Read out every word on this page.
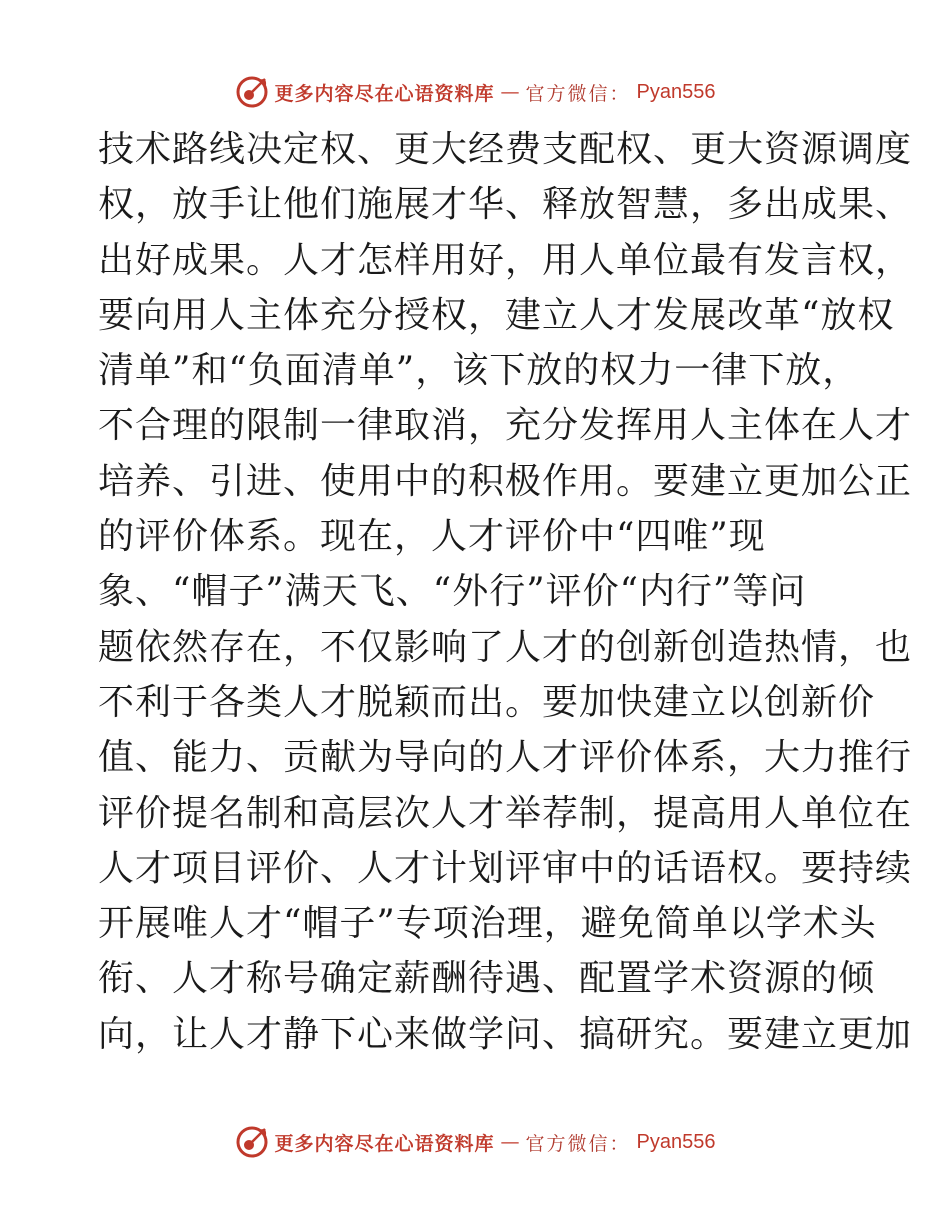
更多内容尽在心语资料库 — 官方微信： Pyan556
技术路线决定权、更大经费支配权、更大资源调度
权，放手让他们施展才华、释放智慧，多出成果、
出好成果。人才怎样用好，用人单位最有发言权，
要向用人主体充分授权，建立人才发展改革“放权
清单”和“负面清单”，该下放的权力一律下放，
不合理的限制一律取消，充分发挥用人主体在人才
培养、引进、使用中的积极作用。要建立更加公正
的评价体系。现在，人才评价中“四唯”现
象、“帽子”满天飞、“外行”评价“内行”等问
题依然存在，不仅影响了人才的创新创造热情，也
不利于各类人才脱颖而出。要加快建立以创新价
值、能力、贡献为导向的人才评价体系，大力推行
评价提名制和高层次人才举荐制，提高用人单位在
人才项目评价、人才计划评审中的话语权。要持续
开展唯人才“帽子”专项治理，避免简单以学术头
衔、人才称号确定薪酬待遇、配置学术资源的倾
向，让人才静下心来做学问、搞研究。要建立更加
更多内容尽在心语资料库 — 官方微信： Pyan556
